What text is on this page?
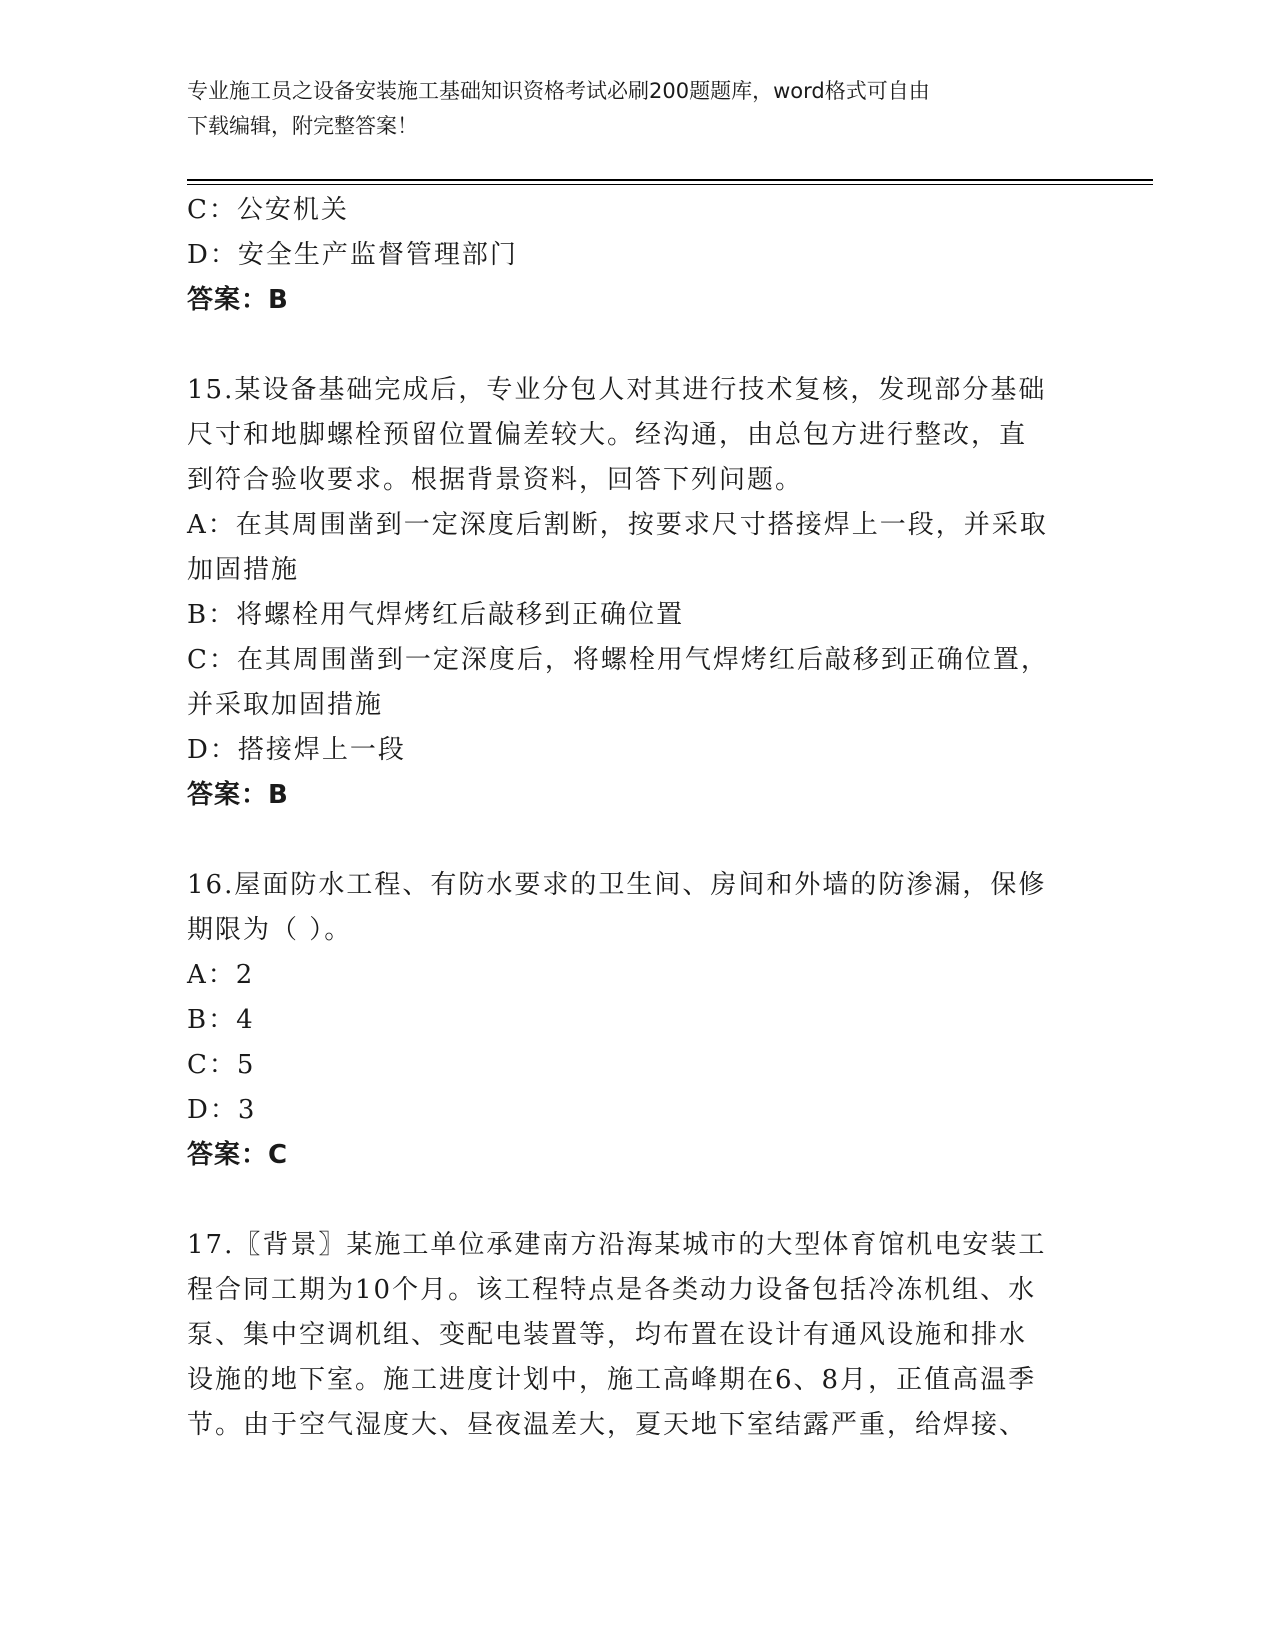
专业施工员之设备安装施工基础知识资格考试必刷200题题库，word格式可自由
下载编辑，附完整答案！

C：公安机关

D：安全生产监督管理部门

答案：B

15.某设备基础完成后，专业分包人对其进行技术复核，发现部分基础

尺寸和地脚螺栓预留位置偏差较大。经沟通，由总包方进行整改，直

到符合验收要求。根据背景资料，回答下列问题。

A：在其周围凿到一定深度后割断，按要求尺寸搭接焊上一段，并采取

加固措施

B：将螺栓用气焊烤红后敲移到正确位置

C：在其周围凿到一定深度后，将螺栓用气焊烤红后敲移到正确位置，

并采取加固措施

D：搭接焊上一段

答案：B

16.屋面防水工程、有防水要求的卫生间、房间和外墙的防渗漏，保修

期限为（ ）。

A：2

B：4

C：5

D：3

答案：C

17.〖背景〗某施工单位承建南方沿海某城市的大型体育馆机电安装工

程合同工期为10个月。该工程特点是各类动力设备包括冷冻机组、水

泵、集中空调机组、变配电装置等，均布置在设计有通风设施和排水

设施的地下室。施工进度计划中，施工高峰期在6、8月，正值高温季

节。由于空气湿度大、昼夜温差大，夏天地下室结露严重，给焊接、
